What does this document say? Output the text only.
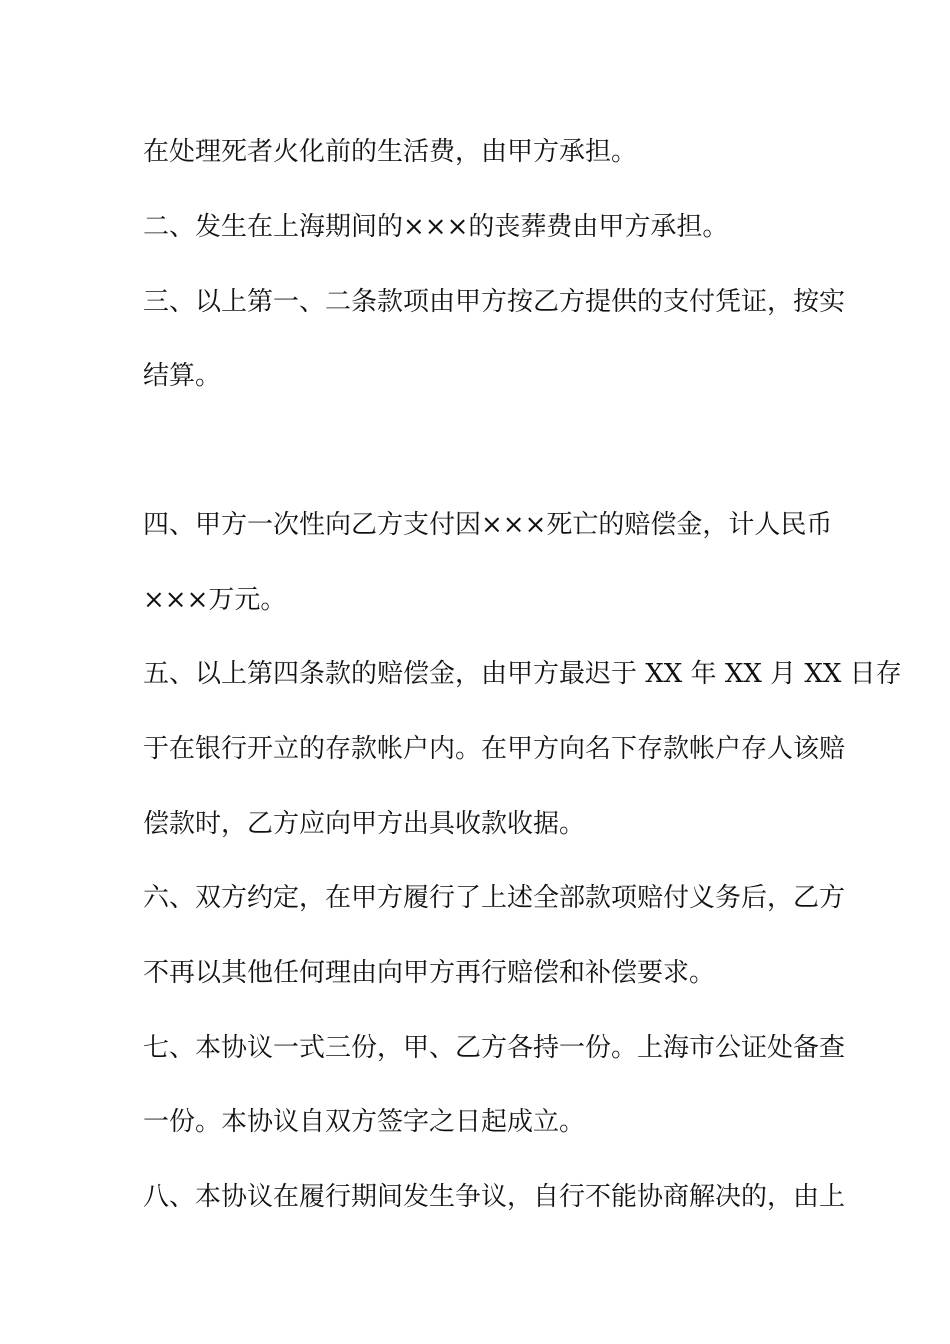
在处理死者火化前的生活费，由甲方承担。
二、发生在上海期间的×××的丧葬费由甲方承担。
三、以上第一、二条款项由甲方按乙方提供的支付凭证，按实
结算。
四、甲方一次性向乙方支付因×××死亡的赔偿金，计人民币
×××万元。
五、以上第四条款的赔偿金，由甲方最迟于 XX 年 XX 月 XX 日存
于在银行开立的存款帐户内。在甲方向名下存款帐户存人该赔
偿款时，乙方应向甲方出具收款收据。
六、双方约定，在甲方履行了上述全部款项赔付义务后，乙方
不再以其他任何理由向甲方再行赔偿和补偿要求。
七、本协议一式三份，甲、乙方各持一份。上海市公证处备查
一份。本协议自双方签字之日起成立。
八、本协议在履行期间发生争议，自行不能协商解决的，由上
